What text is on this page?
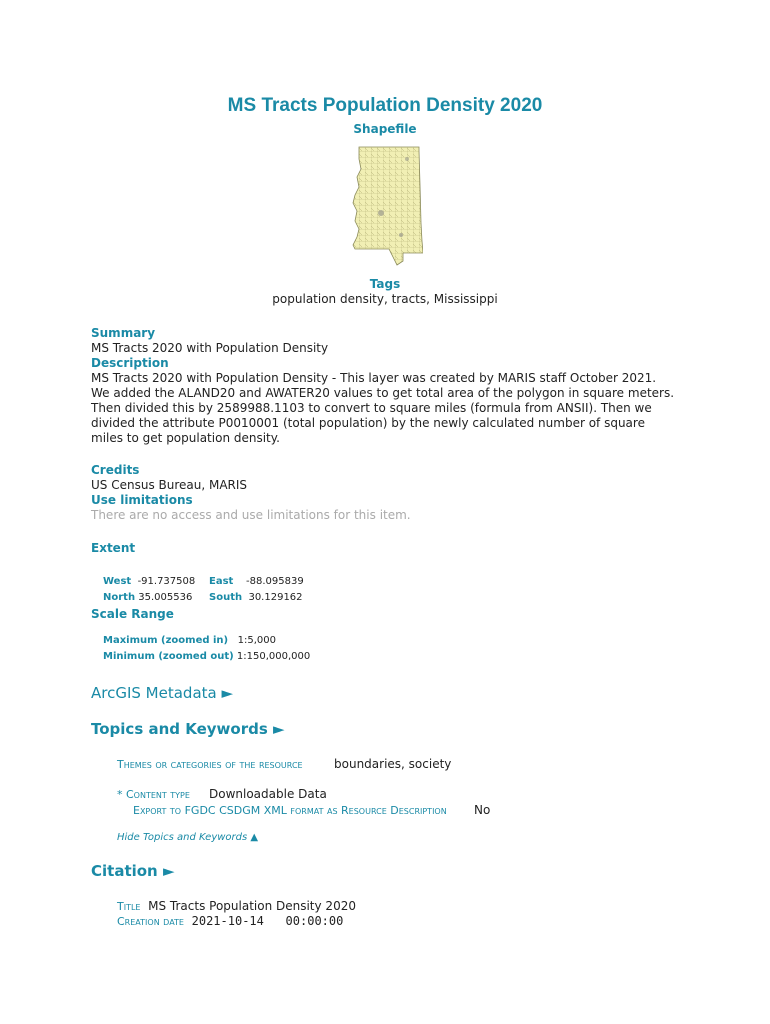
MS Tracts Population Density 2020
Shapefile
Tags
population density, tracts, Mississippi
Summary
MS Tracts 2020 with Population Density
Description
MS Tracts 2020 with Population Density - This layer was created by MARIS staff October 2021.
We added the ALAND20 and AWATER20 values to get total area of the polygon in square meters.
Then divided this by 2589988.1103 to convert to square miles (formula from ANSII). Then we
divided the attribute P0010001 (total population) by the newly calculated number of square
miles to get population density.
Credits
US Census Bureau, MARIS
Use limitations
There are no access and use limitations for this item.
Extent
West -91.737508 East -88.095839
North 35.005536 South 30.129162
Scale Range
Maximum (zoomed in) 1:5,000
Minimum (zoomed out) 1:150,000,000
ArcGIS Metadata ►
Topics and Keywords ►
Themes or categories of the resource	boundaries, society
* Content type Downloadable Data
Export to FGDC CSDGM XML format as Resource Description No
Hide Topics and Keywords ▲
Citation ►
Title MS Tracts Population Density 2020
Creation date 2021-10-14   00:00:00
